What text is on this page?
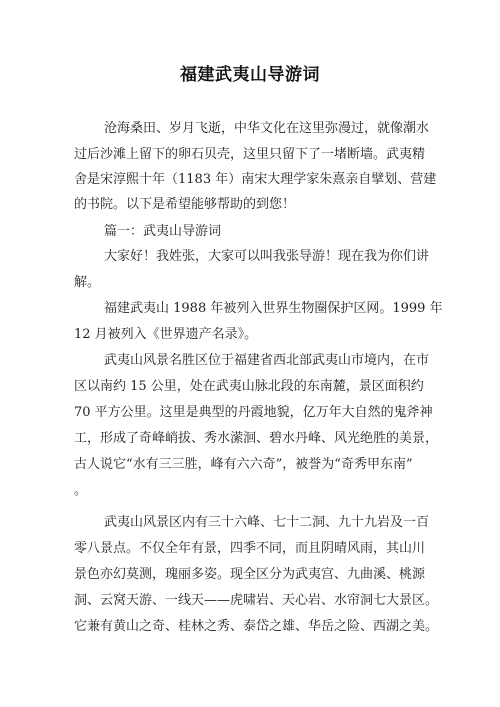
福建武夷山导游词
沧海桑田、岁月飞逝，中华文化在这里弥漫过，就像潮水
过后沙滩上留下的卵石贝壳，这里只留下了一堵断墙。武夷精
舍是宋淳熙十年（1183 年）南宋大理学家朱熹亲自擘划、营建
的书院。以下是希望能够帮助的到您！
篇一：武夷山导游词
大家好！我姓张，大家可以叫我张导游！现在我为你们讲
解。
福建武夷山 1988 年被列入世界生物圈保护区网。1999 年
12 月被列入《世界遗产名录》。
武夷山风景名胜区位于福建省西北部武夷山市境内，在市
区以南约 15 公里，处在武夷山脉北段的东南麓，景区面积约
70 平方公里。这里是典型的丹霞地貌，亿万年大自然的鬼斧神
工，形成了奇峰峭拔、秀水潆洄、碧水丹峰、风光绝胜的美景，
古人说它“水有三三胜，峰有六六奇”，被誉为“奇秀甲东南”
。
武夷山风景区内有三十六峰、七十二洞、九十九岩及一百
零八景点。不仅全年有景，四季不同，而且阴晴风雨，其山川
景色亦幻莫测，瑰丽多姿。现全区分为武夷宫、九曲溪、桃源
洞、云窝天游、一线天——虎啸岩、天心岩、水帘洞七大景区。
它兼有黄山之奇、桂林之秀、泰岱之雄、华岳之险、西湖之美。
